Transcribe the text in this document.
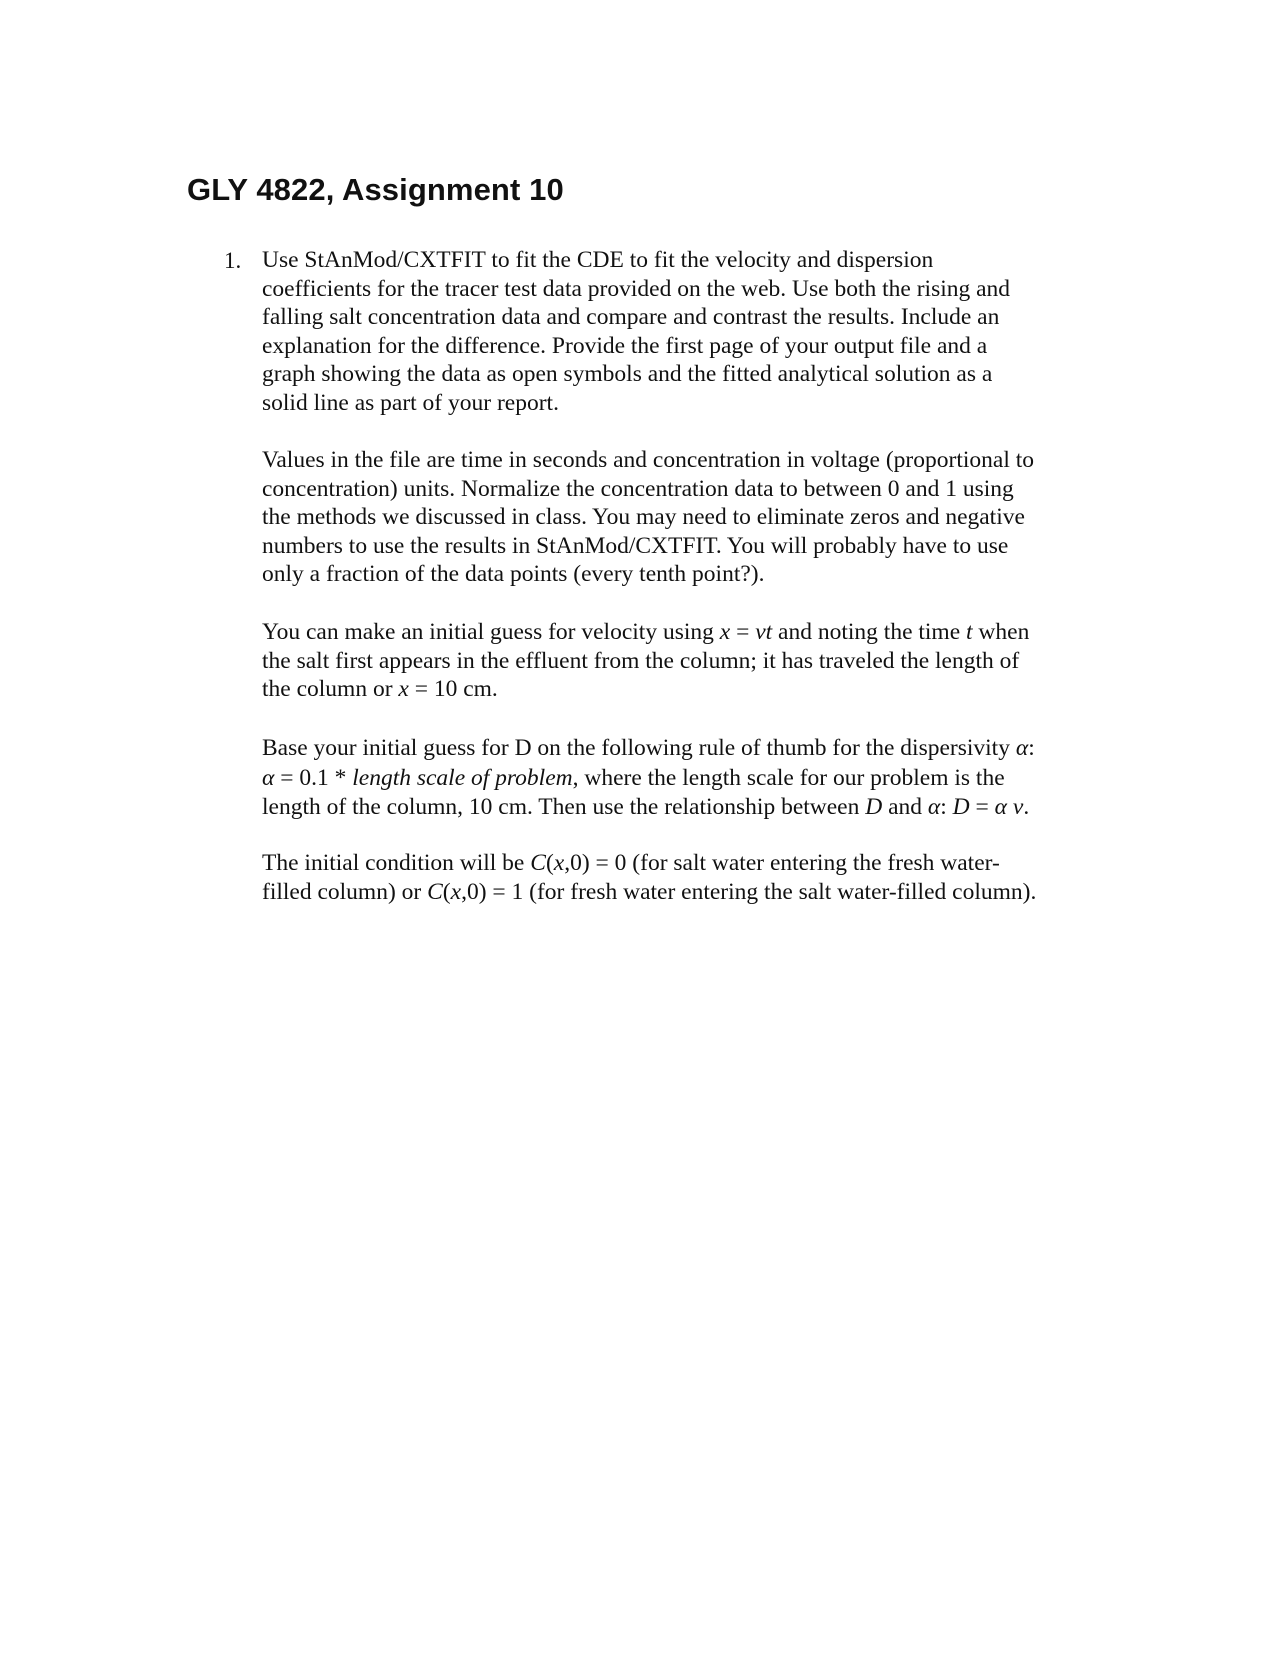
GLY 4822, Assignment 10
1. Use StAnMod/CXTFIT to fit the CDE to fit the velocity and dispersion
coefficients for the tracer test data provided on the web. Use both the rising and
falling salt concentration data and compare and contrast the results. Include an
explanation for the difference. Provide the first page of your output file and a
graph showing the data as open symbols and the fitted analytical solution as a
solid line as part of your report.
Values in the file are time in seconds and concentration in voltage (proportional to
concentration) units. Normalize the concentration data to between 0 and 1 using
the methods we discussed in class. You may need to eliminate zeros and negative
numbers to use the results in StAnMod/CXTFIT. You will probably have to use
only a fraction of the data points (every tenth point?).
You can make an initial guess for velocity using x = vt and noting the time t when
the salt first appears in the effluent from the column; it has traveled the length of
the column or x = 10 cm.
Base your initial guess for D on the following rule of thumb for the dispersivity α:
α = 0.1 * length scale of problem, where the length scale for our problem is the
length of the column, 10 cm. Then use the relationship between D and α: D = α v.
The initial condition will be C(x,0) = 0 (for salt water entering the fresh water-
filled column) or C(x,0) = 1 (for fresh water entering the salt water-filled column).
